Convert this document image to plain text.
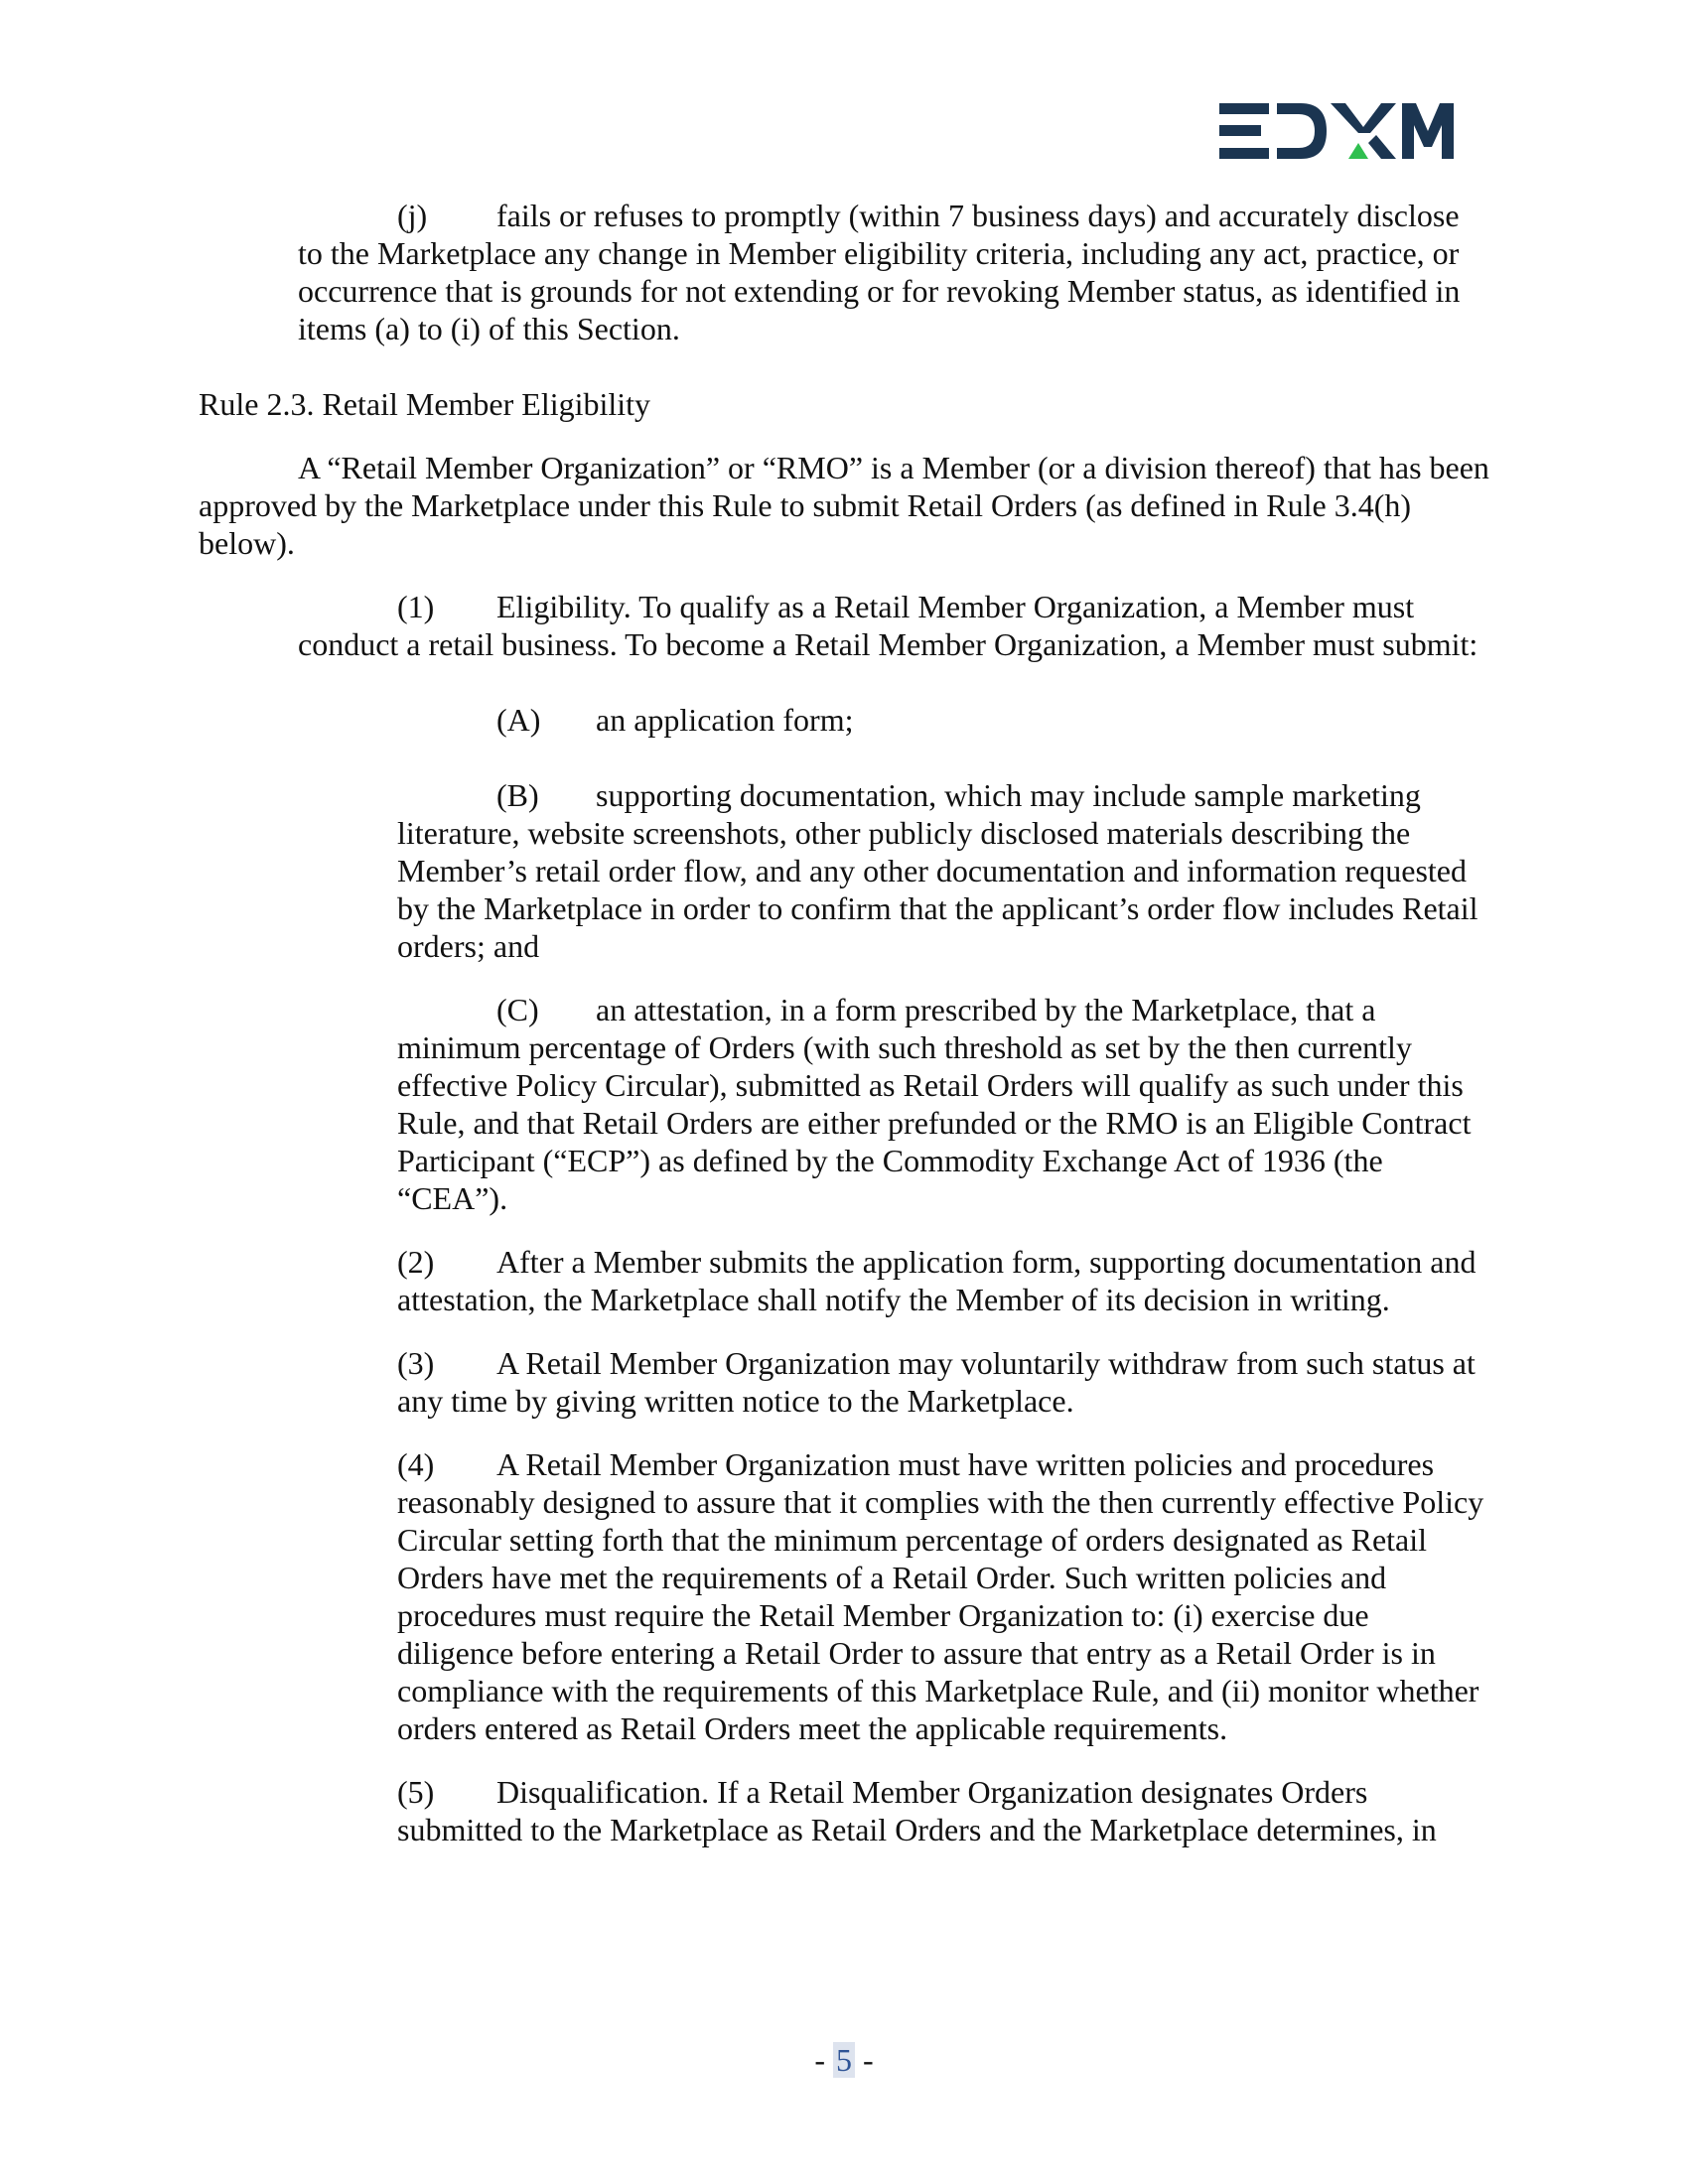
(j) fails or refuses to promptly (within 7 business days) and accurately disclose to the Marketplace any change in Member eligibility criteria, including any act, practice, or occurrence that is grounds for not extending or for revoking Member status, as identified in items (a) to (i) of this Section.

Rule 2.3. Retail Member Eligibility

A “Retail Member Organization” or “RMO” is a Member (or a division thereof) that has been approved by the Marketplace under this Rule to submit Retail Orders (as defined in Rule 3.4(h) below).

(1) Eligibility. To qualify as a Retail Member Organization, a Member must conduct a retail business. To become a Retail Member Organization, a Member must submit:

(A) an application form;

(B) supporting documentation, which may include sample marketing literature, website screenshots, other publicly disclosed materials describing the Member’s retail order flow, and any other documentation and information requested by the Marketplace in order to confirm that the applicant’s order flow includes Retail orders; and

(C) an attestation, in a form prescribed by the Marketplace, that a minimum percentage of Orders (with such threshold as set by the then currently effective Policy Circular), submitted as Retail Orders will qualify as such under this Rule, and that Retail Orders are either prefunded or the RMO is an Eligible Contract Participant (“ECP”) as defined by the Commodity Exchange Act of 1936 (the “CEA”).

(2) After a Member submits the application form, supporting documentation and attestation, the Marketplace shall notify the Member of its decision in writing.

(3) A Retail Member Organization may voluntarily withdraw from such status at any time by giving written notice to the Marketplace.

(4) A Retail Member Organization must have written policies and procedures reasonably designed to assure that it complies with the then currently effective Policy Circular setting forth that the minimum percentage of orders designated as Retail Orders have met the requirements of a Retail Order. Such written policies and procedures must require the Retail Member Organization to: (i) exercise due diligence before entering a Retail Order to assure that entry as a Retail Order is in compliance with the requirements of this Marketplace Rule, and (ii) monitor whether orders entered as Retail Orders meet the applicable requirements.

(5) Disqualification. If a Retail Member Organization designates Orders submitted to the Marketplace as Retail Orders and the Marketplace determines, in

- 5 -
